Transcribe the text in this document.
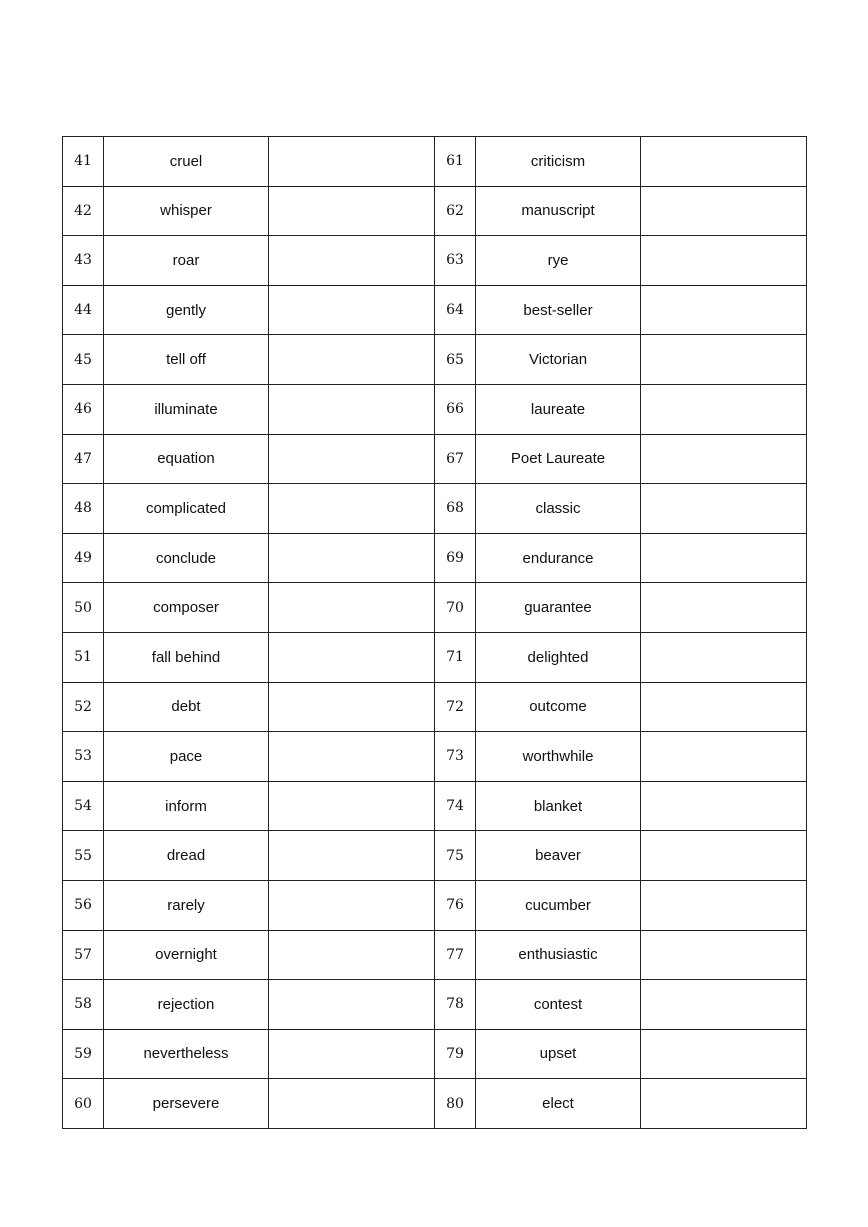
41	cruel		61	criticism	
42	whisper		62	manuscript	
43	roar		63	rye	
44	gently		64	best-seller	
45	tell off		65	Victorian	
46	illuminate		66	laureate	
47	equation		67	Poet Laureate	
48	complicated		68	classic	
49	conclude		69	endurance	
50	composer		70	guarantee	
51	fall behind		71	delighted	
52	debt		72	outcome	
53	pace		73	worthwhile	
54	inform		74	blanket	
55	dread		75	beaver	
56	rarely		76	cucumber	
57	overnight		77	enthusiastic	
58	rejection		78	contest	
59	nevertheless		79	upset	
60	persevere		80	elect	
